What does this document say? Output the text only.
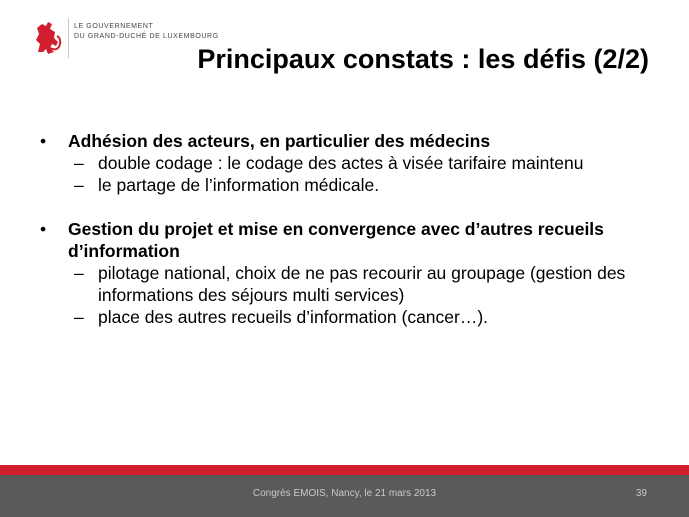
LE GOUVERNEMENT
DU GRAND-DUCHÉ DE LUXEMBOURG
Principaux constats : les défis (2/2)
• Adhésion des acteurs, en particulier des médecins
– double codage : le codage des actes à visée tarifaire maintenu
– le partage de l’information médicale.
• Gestion du projet et mise en convergence avec d’autres recueils d’information
– pilotage national, choix de ne pas recourir au groupage (gestion des informations des séjours multi services)
– place des autres recueils d’information (cancer…).
Congrès EMOIS, Nancy, le 21 mars 2013	39
